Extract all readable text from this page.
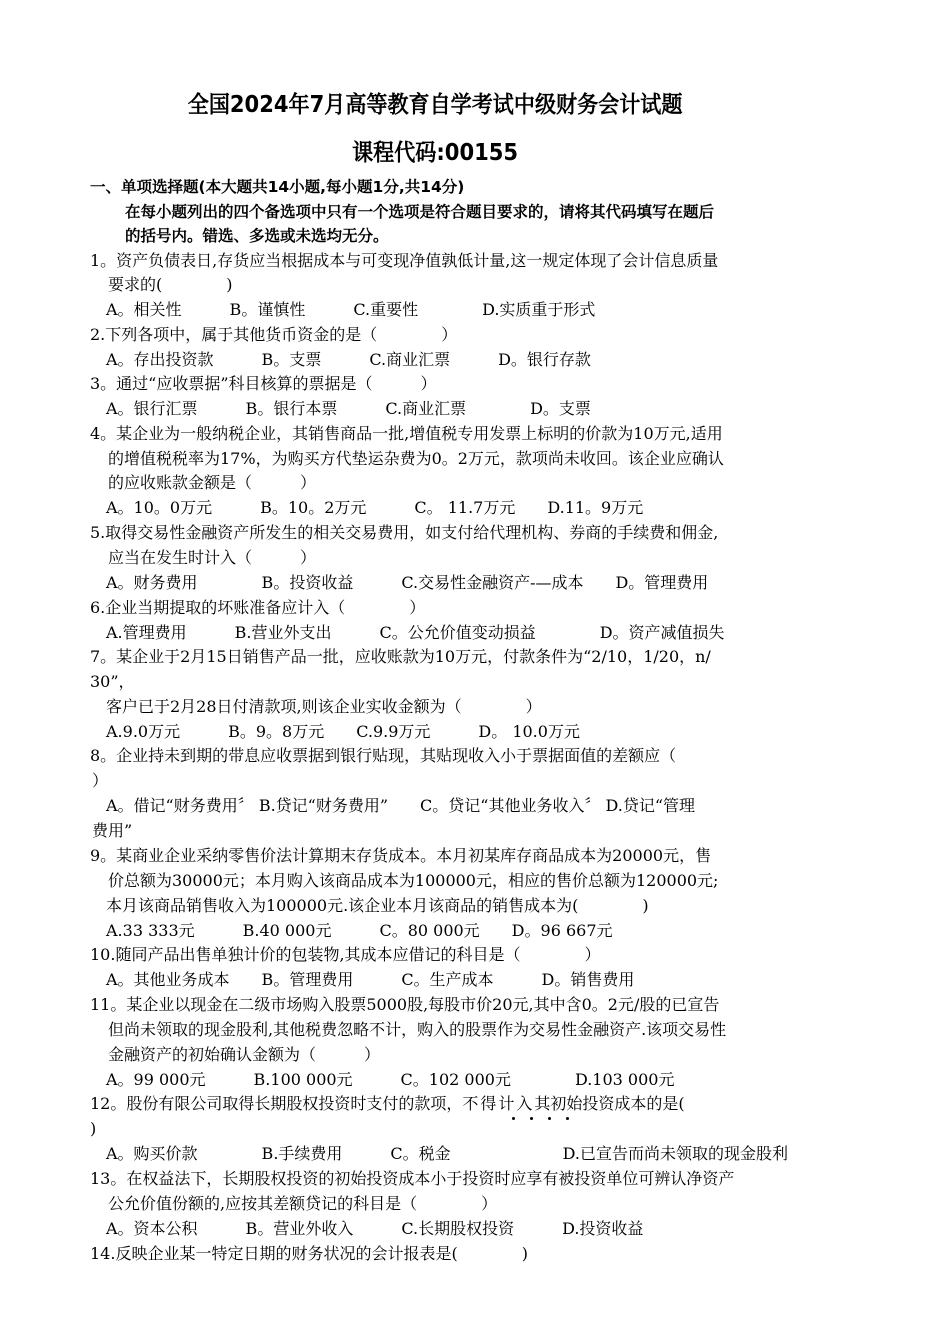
全国2024年7月高等教育自学考试中级财务会计试题
课程代码:00155
一、单项选择题(本大题共14小题,每小题1分,共14分)
在每小题列出的四个备选项中只有一个选项是符合题目要求的，请将其代码填写在题后
的括号内。错选、多选或未选均无分。
1。资产负债表日,存货应当根据成本与可变现净值孰低计量,这一规定体现了会计信息质量
要求的(　　　　)
A。相关性　　　B。谨慎性　　　C.重要性　　　　D.实质重于形式
2.下列各项中，属于其他货币资金的是（　　　　）
A。存出投资款　　　B。支票　　　C.商业汇票　　　D。银行存款
3。通过“应收票据”科目核算的票据是（　　　）
A。银行汇票　　　B。银行本票　　　C.商业汇票　　　　D。支票
4。某企业为一般纳税企业，其销售商品一批,增值税专用发票上标明的价款为10万元,适用
的增值税税率为17%，为购买方代垫运杂费为0。2万元，款项尚未收回。该企业应确认
的应收账款金额是（　　　）
A。10。0万元　　　B。10。2万元　　　C。 11.7万元　　D.11。9万元
5.取得交易性金融资产所发生的相关交易费用，如支付给代理机构、券商的手续费和佣金,
应当在发生时计入（　　　）
A。财务费用　　　　B。投资收益　　　C.交易性金融资产-—成本　　D。管理费用
6.企业当期提取的坏账准备应计入（　　　　）
A.管理费用　　　B.营业外支出　　　C。公允价值变动损益　　　　D。资产减值损失
7。某企业于2月15日销售产品一批，应收账款为10万元，付款条件为“2/10，1/20，n/
30”，
客户已于2月28日付清款项,则该企业实收金额为（　　　　）
A.9.0万元　　　B。9。8万元　　C.9.9万元　　　D。 10.0万元
8。企业持未到期的带息应收票据到银行贴现，其贴现收入小于票据面值的差额应（
）
A。借记“财务费用〞 B.贷记“财务费用”　　C。贷记“其他业务收入〞 D.贷记“管理
费用”
9。某商业企业采纳零售价法计算期末存货成本。本月初某库存商品成本为20000元，售
价总额为30000元；本月购入该商品成本为100000元，相应的售价总额为120000元;
本月该商品销售收入为100000元.该企业本月该商品的销售成本为(　　　　)
A.33 333元　　　B.40 000元　　　C。80 000元　　D。96 667元
10.随同产品出售单独计价的包装物,其成本应借记的科目是（　　　　）
A。其他业务成本　　B。管理费用　　　C。生产成本　　　D。销售费用
11。某企业以现金在二级市场购入股票5000股,每股市价20元,其中含0。2元/股的已宣告
但尚未领取的现金股利,其他税费忽略不计，购入的股票作为交易性金融资产.该项交易性
金融资产的初始确认金额为（　　　）
A。99 000元　　　B.100 000元　　　C。102 000元　　　　D.103 000元
12。股份有限公司取得长期股权投资时支付的款项，不得计入其初始投资成本的是(
)
A。购买价款　　　　B.手续费用　　　C。税金　　　　　　　D.已宣告而尚未领取的现金股利
13。在权益法下，长期股权投资的初始投资成本小于投资时应享有被投资单位可辨认净资产
公允价值份额的,应按其差额贷记的科目是（　　　　）
A。资本公积　　　B。营业外收入　　　C.长期股权投资　　　D.投资收益
14.反映企业某一特定日期的财务状况的会计报表是(　　　　)
